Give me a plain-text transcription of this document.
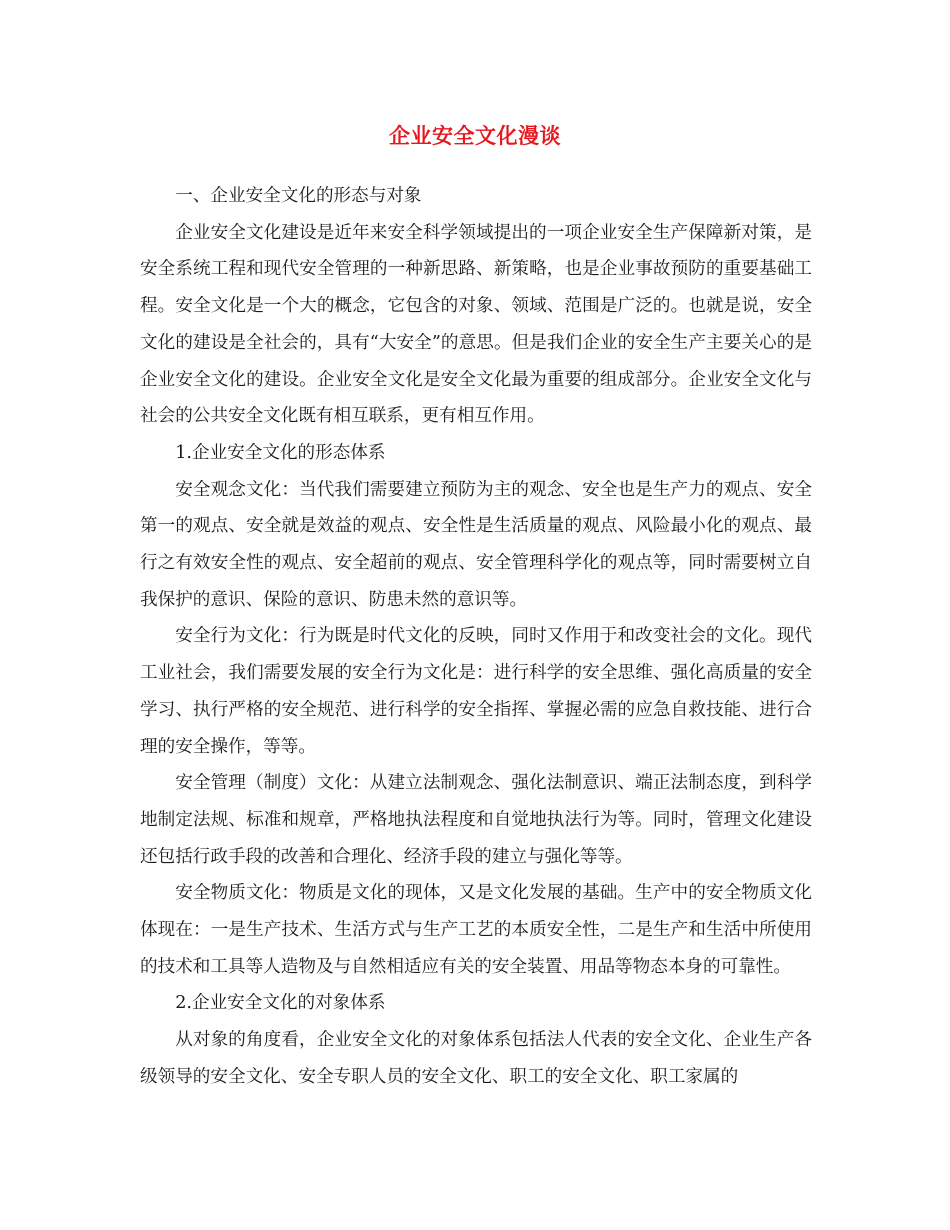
企业安全文化漫谈

一、企业安全文化的形态与对象

企业安全文化建设是近年来安全科学领域提出的一项企业安全生产保障新对策，是安全系统工程和现代安全管理的一种新思路、新策略，也是企业事故预防的重要基础工程。安全文化是一个大的概念，它包含的对象、领域、范围是广泛的。也就是说，安全文化的建设是全社会的，具有“大安全”的意思。但是我们企业的安全生产主要关心的是企业安全文化的建设。企业安全文化是安全文化最为重要的组成部分。企业安全文化与社会的公共安全文化既有相互联系，更有相互作用。

1.企业安全文化的形态体系

安全观念文化：当代我们需要建立预防为主的观念、安全也是生产力的观点、安全第一的观点、安全就是效益的观点、安全性是生活质量的观点、风险最小化的观点、最行之有效安全性的观点、安全超前的观点、安全管理科学化的观点等，同时需要树立自我保护的意识、保险的意识、防患未然的意识等。

安全行为文化：行为既是时代文化的反映，同时又作用于和改变社会的文化。现代工业社会，我们需要发展的安全行为文化是：进行科学的安全思维、强化高质量的安全学习、执行严格的安全规范、进行科学的安全指挥、掌握必需的应急自救技能、进行合理的安全操作，等等。

安全管理（制度）文化：从建立法制观念、强化法制意识、端正法制态度，到科学地制定法规、标准和规章，严格地执法程度和自觉地执法行为等。同时，管理文化建设还包括行政手段的改善和合理化、经济手段的建立与强化等等。

安全物质文化：物质是文化的现体，又是文化发展的基础。生产中的安全物质文化体现在：一是生产技术、生活方式与生产工艺的本质安全性，二是生产和生活中所使用的技术和工具等人造物及与自然相适应有关的安全装置、用品等物态本身的可靠性。

2.企业安全文化的对象体系

从对象的角度看，企业安全文化的对象体系包括法人代表的安全文化、企业生产各级领导的安全文化、安全专职人员的安全文化、职工的安全文化、职工家属的
